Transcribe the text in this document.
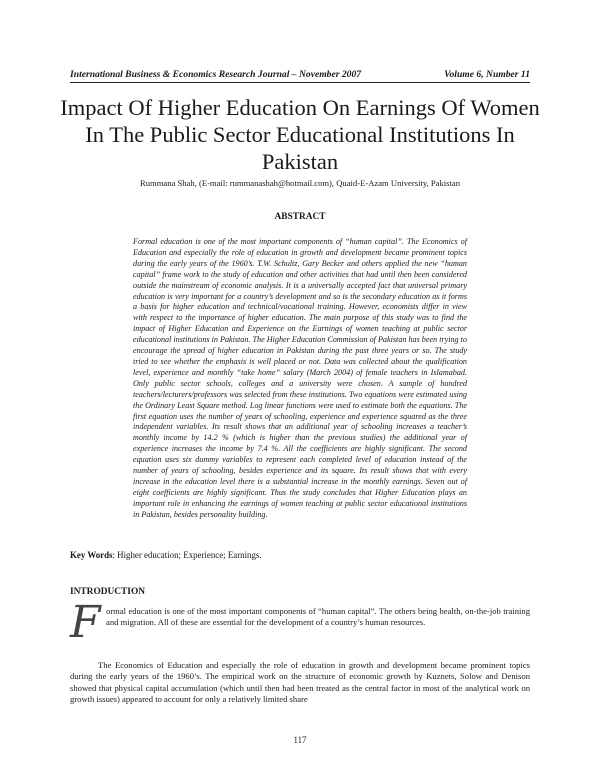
International Business & Economics Research Journal – November 2007	Volume 6, Number 11
Impact Of Higher Education On Earnings Of Women In The Public Sector Educational Institutions In Pakistan
Rummana Shah, (E-mail: rummanashah@hotmail.com), Quaid-E-Azam University, Pakistan
ABSTRACT

Formal education is one of the most important components of “human capital”. The Economics of Education and especially the role of education in growth and development became prominent topics during the early years of the 1960’s. T.W. Schultz, Gary Becker and others applied the new “human capital” frame work to the study of education and other activities that had until then been considered outside the mainstream of economic analysis. It is a universally accepted fact that universal primary education is very important for a country’s development and so is the secondary education as it forms a basis for higher education and technical/vocational training. However, economists differ in view with respect to the importance of higher education. The main purpose of this study was to find the impact of Higher Education and Experience on the Earnings of women teaching at public sector educational institutions in Pakistan. The Higher Education Commission of Pakistan has been trying to encourage the spread of higher education in Pakistan during the past three years or so. The study tried to see whether the emphasis is well placed or not. Data was collected about the qualification level, experience and monthly “take home” salary (March 2004) of female teachers in Islamabad. Only public sector schools, colleges and a university were chosen. A sample of hundred teachers/lecturers/professors was selected from these institutions. Two equations were estimated using the Ordinary Least Square method. Log linear functions were used to estimate both the equations. The first equation uses the number of years of schooling, experience and experience squared as the three independent variables. Its result shows that an additional year of schooling increases a teacher’s monthly income by 14.2 % (which is higher than the previous studies) the additional year of experience increases the income by 7.4 %. All the coefficients are highly significant. The second equation uses six dummy variables to represent each completed level of education instead of the number of years of schooling, besides experience and its square. Its result shows that with every increase in the education level there is a substantial increase in the monthly earnings. Seven out of eight coefficients are highly significant. Thus the study concludes that Higher Education plays an important role in enhancing the earnings of women teaching at public sector educational institutions in Pakistan, besides personality building.

Key Words: Higher education; Experience; Earnings.
INTRODUCTION
F ormal education is one of the most important components of “human capital”. The others being health, on-the-job training and migration. All of these are essential for the development of a country’s human resources.

The Economics of Education and especially the role of education in growth and development became prominent topics during the early years of the 1960’s. The empirical work on the structure of economic growth by Kuznets, Solow and Denison showed that physical capital accumulation (which until then had been treated as the central factor in most of the analytical work on growth issues) appeared to account for only a relatively limited share

117
